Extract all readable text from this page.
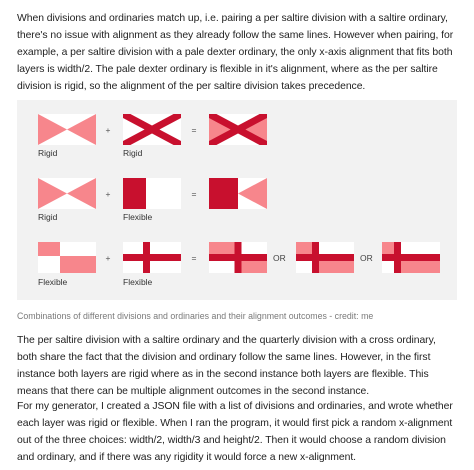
When divisions and ordinaries match up, i.e. pairing a per saltire division with a saltire ordinary, there's no issue with alignment as they already follow the same lines. However when pairing, for example, a per saltire division with a pale dexter ordinary, the only x-axis alignment that fits both layers is width/2. The pale dexter ordinary is flexible in it's alignment, where as the per saltire division is rigid, so the alignment of the per saltire division takes precedence.
+	=
Rigid	Rigid
+	=
Rigid	Flexible
+	=	OR	OR
Flexible	Flexible
Combinations of different divisions and ordinaries and their alignment outcomes - credit: me
The per saltire division with a saltire ordinary and the quarterly division with a cross ordinary, both share the fact that the division and ordinary follow the same lines. However, in the first instance both layers are rigid where as in the second instance both layers are flexible. This means that there can be multiple alignment outcomes in the second instance.
For my generator, I created a JSON file with a list of divisions and ordinaries, and wrote whether each layer was rigid or flexible. When I ran the program, it would first pick a random x-alignment out of the three choices: width/2, width/3 and height/2. Then it would choose a random division and ordinary, and if there was any rigidity it would force a new x-alignment.
